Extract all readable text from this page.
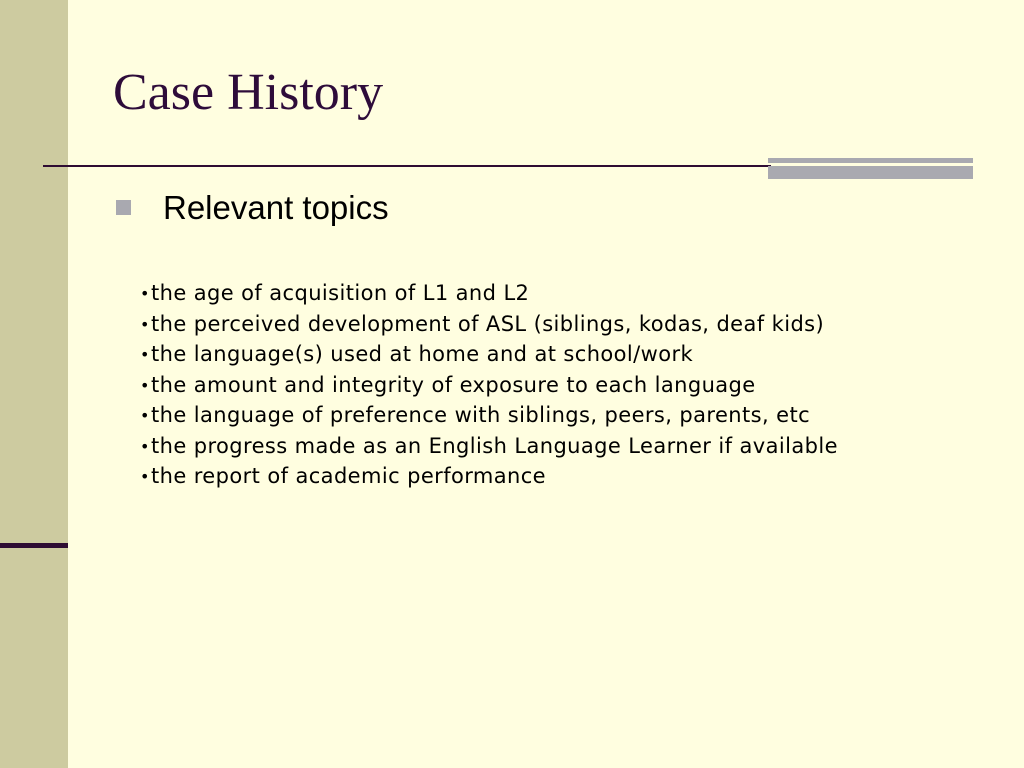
Case History
Relevant topics
•the age of acquisition of L1 and L2
•the perceived development of ASL (siblings, kodas, deaf kids)
•the language(s) used at home and at school/work
•the amount and integrity of exposure to each language
•the language of preference with siblings, peers, parents, etc
•the progress made as an English Language Learner if available
•the report of academic performance
